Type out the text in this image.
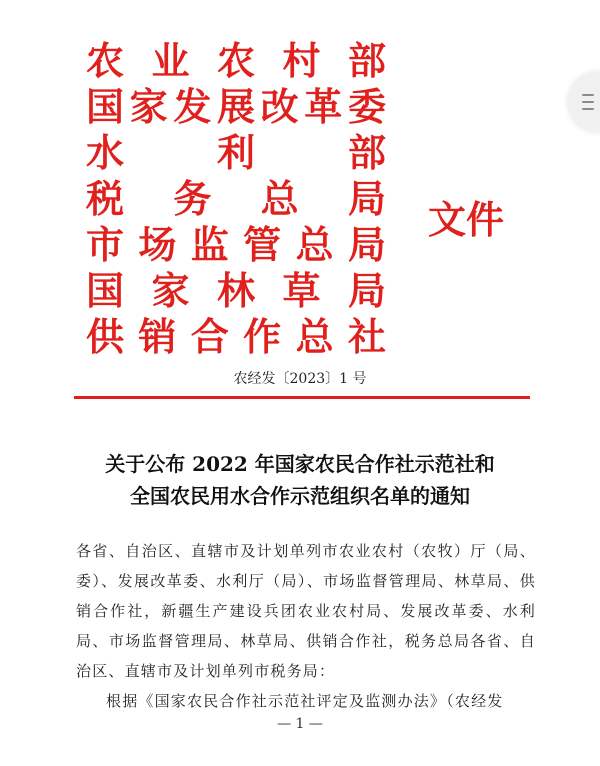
农 业 农 村 部
国 家 发 展 改 革 委
水 利 部
税 务 总 局
市 场 监 管 总 局
国 家 林 草 局
供 销 合 作 总 社
文件
农经发〔2023〕1 号
关于公布 2022 年国家农民合作社示范社和
全国农民用水合作示范组织名单的通知

各省、自治区、直辖市及计划单列市农业农村（农牧）厅（局、委）、发展改革委、水利厅（局）、市场监督管理局、林草局、供销合作社，新疆生产建设兵团农业农村局、发展改革委、水利局、市场监督管理局、林草局、供销合作社，税务总局各省、自治区、直辖市及计划单列市税务局：

根据《国家农民合作社示范社评定及监测办法》（农经发

— 1 —
